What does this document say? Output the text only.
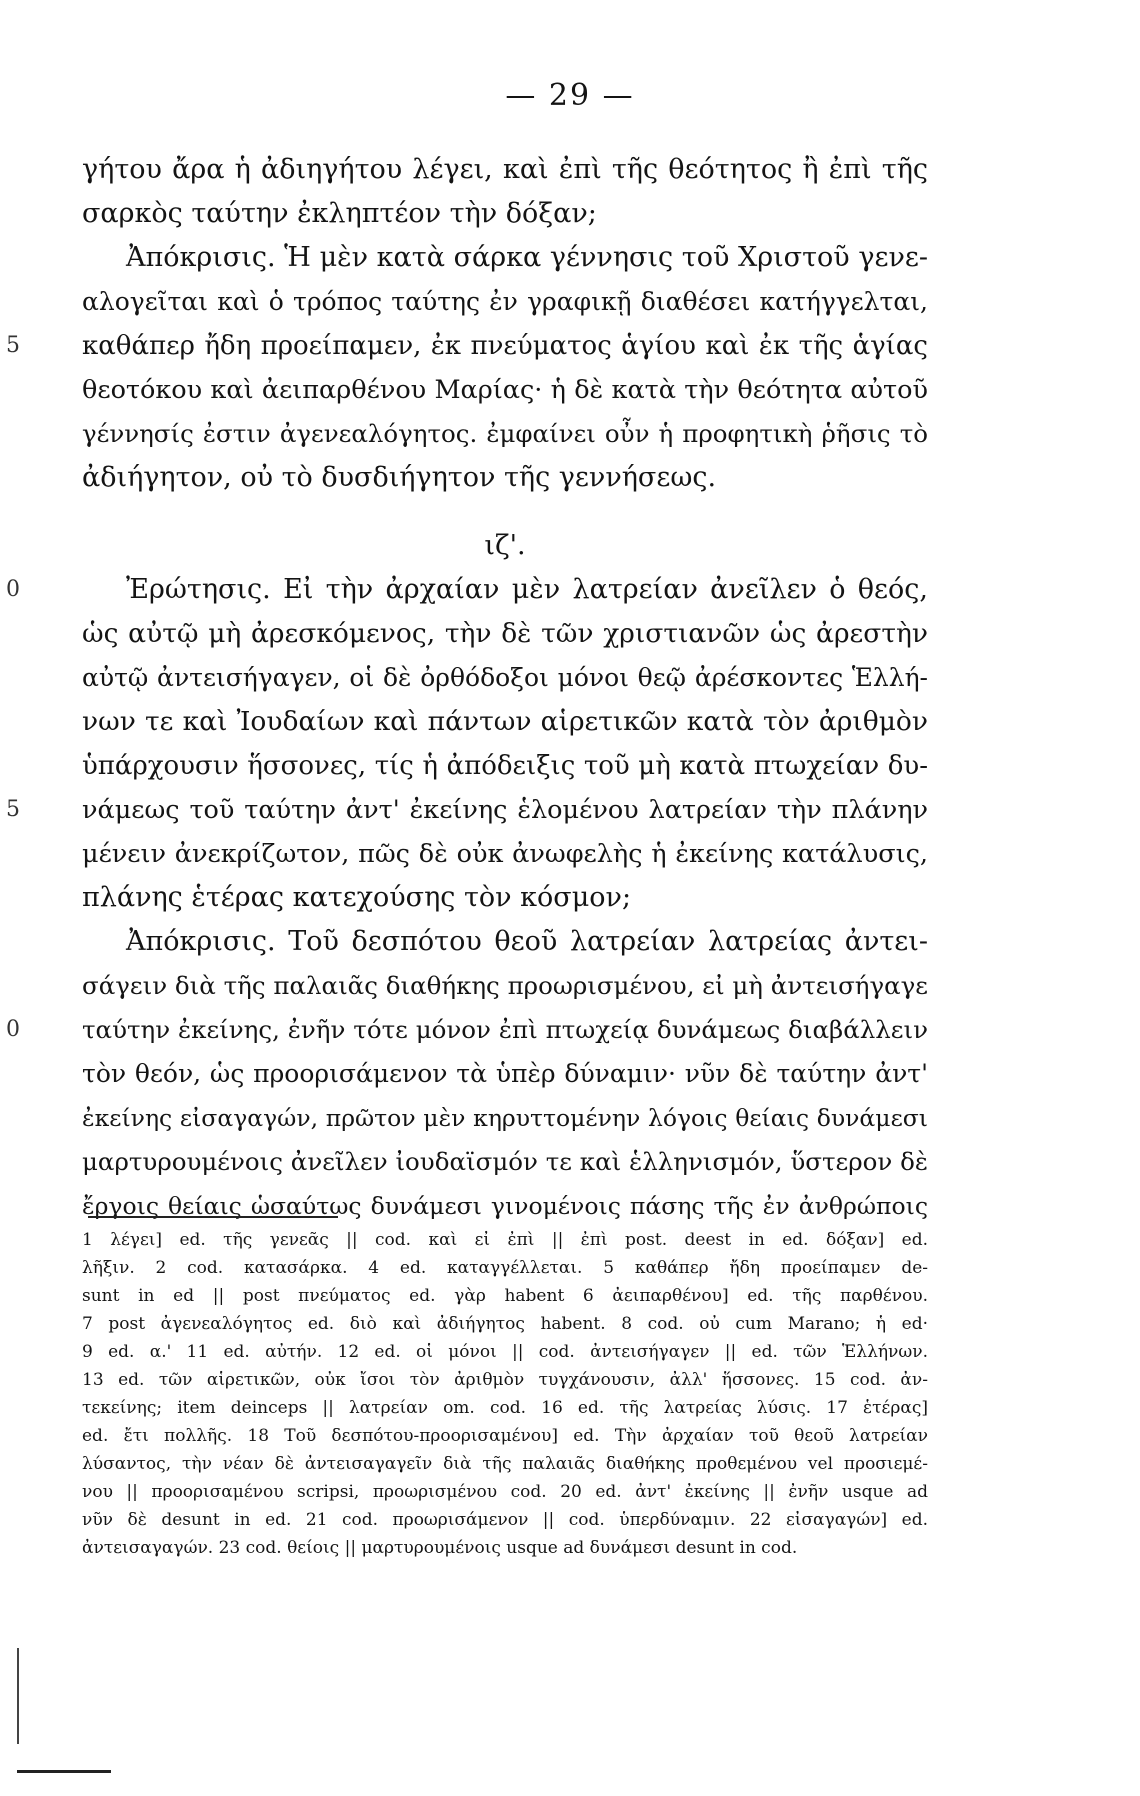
— 29 —
γήτου ἄρα ἡ ἀδιηγήτου λέγει, καὶ ἐπὶ τῆς θεότητος ἢ ἐπὶ τῆς
σαρκὸς ταύτην ἐκληπτέον τὴν δόξαν;
Ἀπόκρισις. Ἡ μὲν κατὰ σάρκα γέννησις τοῦ Χριστοῦ γενε-
αλογεῖται καὶ ὁ τρόπος ταύτης ἐν γραφικῇ διαθέσει κατήγγελται,
5 καθάπερ ἤδη προείπαμεν, ἐκ πνεύματος ἁγίου καὶ ἐκ τῆς ἁγίας
θεοτόκου καὶ ἀειπαρθένου Μαρίας· ἡ δὲ κατὰ τὴν θεότητα αὐτοῦ
γέννησίς ἐστιν ἀγενεαλόγητος. ἐμφαίνει οὖν ἡ προφητικὴ ῥῆσις τὸ
ἀδιήγητον, οὐ τὸ δυσδιήγητον τῆς γεννήσεως.
ιζ'.
0	Ἐρώτησις. Εἰ τὴν ἀρχαίαν μὲν λατρείαν ἀνεῖλεν ὁ θεός,
ὡς αὐτῷ μὴ ἀρεσκόμενος, τὴν δὲ τῶν χριστιανῶν ὡς ἀρεστὴν
αὐτῷ ἀντεισήγαγεν, οἱ δὲ ὀρθόδοξοι μόνοι θεῷ ἀρέσκοντες Ἑλλή-
νων τε καὶ Ἰουδαίων καὶ πάντων αἱρετικῶν κατὰ τὸν ἀριθμὸν
ὑπάρχουσιν ἥσσονες, τίς ἡ ἀπόδειξις τοῦ μὴ κατὰ πτωχείαν δυ-
5 νάμεως τοῦ ταύτην ἀντ' ἐκείνης ἑλομένου λατρείαν τὴν πλάνην
μένειν ἀνεκρίζωτον, πῶς δὲ οὐκ ἀνωφελὴς ἡ ἐκείνης κατάλυσις,
πλάνης ἑτέρας κατεχούσης τὸν κόσμον;
Ἀπόκρισις. Τοῦ δεσπότου θεοῦ λατρείαν λατρείας ἀντει-
σάγειν διὰ τῆς παλαιᾶς διαθήκης προωρισμένου, εἰ μὴ ἀντεισήγαγε
0	ταύτην ἐκείνης, ἐνῆν τότε μόνον ἐπὶ πτωχείᾳ δυνάμεως διαβάλλειν
τὸν θεόν, ὡς προορισάμενον τὰ ὑπὲρ δύναμιν· νῦν δὲ ταύτην ἀντ'
ἐκείνης εἰσαγαγών, πρῶτον μὲν κηρυττομένην λόγοις θείαις δυνάμεσι
μαρτυρουμένοις ἀνεῖλεν ἰουδαϊσμόν τε καὶ ἑλληνισμόν, ὕστερον δὲ
ἔργοις θείαις ὡσαύτως δυνάμεσι γινομένοις πάσης τῆς ἐν ἀνθρώποις
1 λέγει] ed. τῆς γενεᾶς || cod. καὶ εἰ ἐπὶ || ἐπὶ post. deest in ed. δόξαν] ed.
λῆξιν. 2 cod. κατασάρκα. 4 ed. καταγγέλλεται. 5 καθάπερ ἤδη προείπαμεν de-
sunt in ed || post πνεύματος ed. γὰρ habent 6 ἀειπαρθένου] ed. τῆς παρθένου.
7 post ἀγενεαλόγητος ed. διὸ καὶ ἀδιήγητος habent. 8 cod. οὐ cum Marano; ἡ ed·
9 ed. α.' 11 ed. αὐτήν. 12 ed. οἱ μόνοι || cod. ἀντεισήγαγεν || ed. τῶν Ἑλλήνων.
13 ed. τῶν αἱρετικῶν, οὐκ ἴσοι τὸν ἀριθμὸν τυγχάνουσιν, ἀλλ' ἥσσονες. 15 cod. ἀν-
τεκείνης; item deinceps || λατρείαν om. cod. 16 ed. τῆς λατρείας λύσις. 17 ἑτέρας]
ed. ἔτι πολλῆς. 18 Τοῦ δεσπότου-προορισαμένου] ed. Τὴν ἀρχαίαν τοῦ θεοῦ λατρείαν
λύσαντος, τὴν νέαν δὲ ἀντεισαγαγεῖν διὰ τῆς παλαιᾶς διαθήκης προθεμένου vel προσιεμέ-
νου || προορισαμένου scripsi, προωρισμένου cod. 20 ed. ἀντ' ἐκείνης || ἐνῆν usque ad
νῦν δὲ desunt in ed. 21 cod. προωρισάμενον || cod. ὑπερδύναμιν. 22 εἰσαγαγών] ed.
ἀντεισαγαγών. 23 cod. θείοις || μαρτυρουμένοις usque ad δυνάμεσι desunt in cod.
